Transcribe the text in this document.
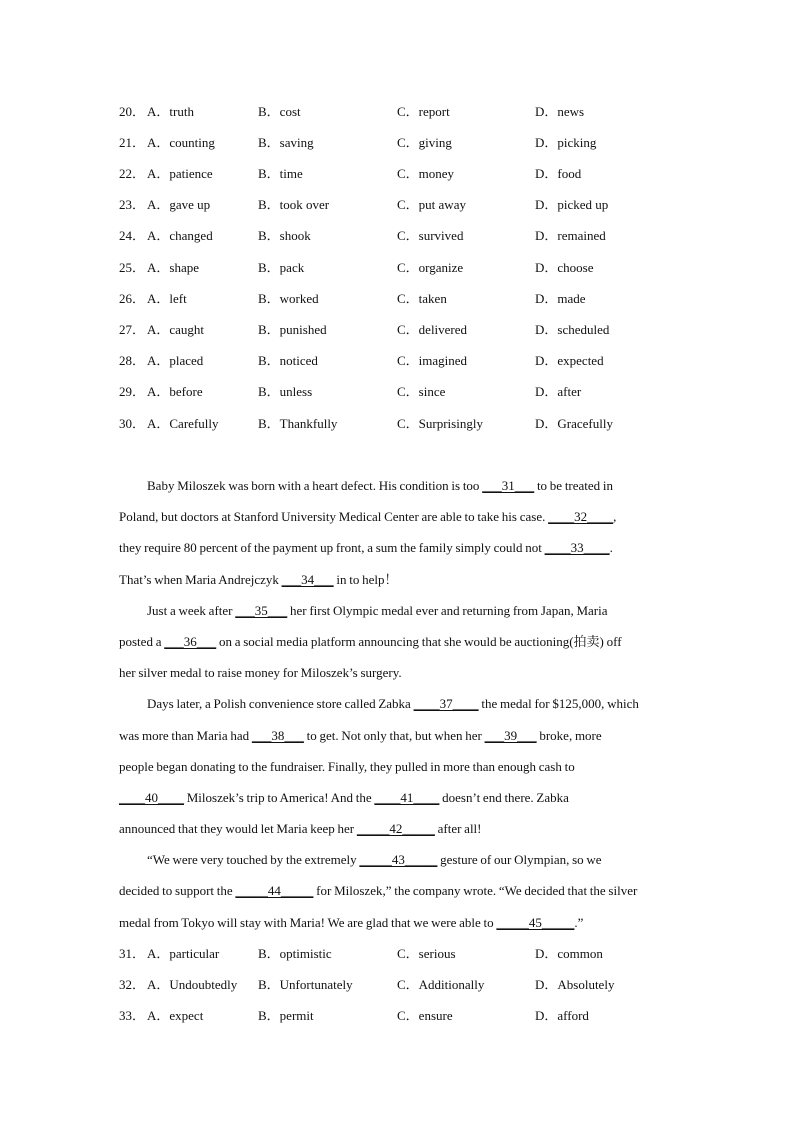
20． A．truth	B．cost	C．report	D．news
21． A．counting	B．saving	C．giving	D．picking
22． A．patience	B．time	C．money	D．food
23． A．gave up	B．took over	C．put away	D．picked up
24． A．changed	B．shook	C．survived	D．remained
25． A．shape	B．pack	C．organize	D．choose
26． A．left	B．worked	C．taken	D．made
27． A．caught	B．punished	C．delivered	D．scheduled
28． A．placed	B．noticed	C．imagined	D．expected
29． A．before	B．unless	C．since	D．after
30． A．Carefully	B．Thankfully	C．Surprisingly	D．Gracefully
Baby Miloszek was born with a heart defect. His condition is too ___31___ to be treated in
Poland, but doctors at Stanford University Medical Center are able to take his case. ____32____,
they require 80 percent of the payment up front, a sum the family simply could not ____33____.
That’s when Maria Andrejczyk ___34___ in to help！
Just a week after ___35___ her first Olympic medal ever and returning from Japan, Maria
posted a ___36___ on a social media platform announcing that she would be auctioning(拍卖) off
her silver medal to raise money for Miloszek’s surgery.
Days later, a Polish convenience store called Zabka ____37____ the medal for $125,000, which
was more than Maria had ___38___ to get. Not only that, but when her ___39___ broke, more
people began donating to the fundraiser. Finally, they pulled in more than enough cash to
____40____ Miloszek’s trip to America! And the ____41____ doesn’t end there. Zabka
announced that they would let Maria keep her _____42_____ after all!
“We were very touched by the extremely _____43_____ gesture of our Olympian, so we
decided to support the _____44_____ for Miloszek,” the company wrote. “We decided that the silver
medal from Tokyo will stay with Maria! We are glad that we were able to _____45_____.”
31． A．particular	B．optimistic	C．serious	D．common
32． A．Undoubtedly B．Unfortunately	C．Additionally	D．Absolutely
33． A．expect	B．permit	C．ensure	D．afford
